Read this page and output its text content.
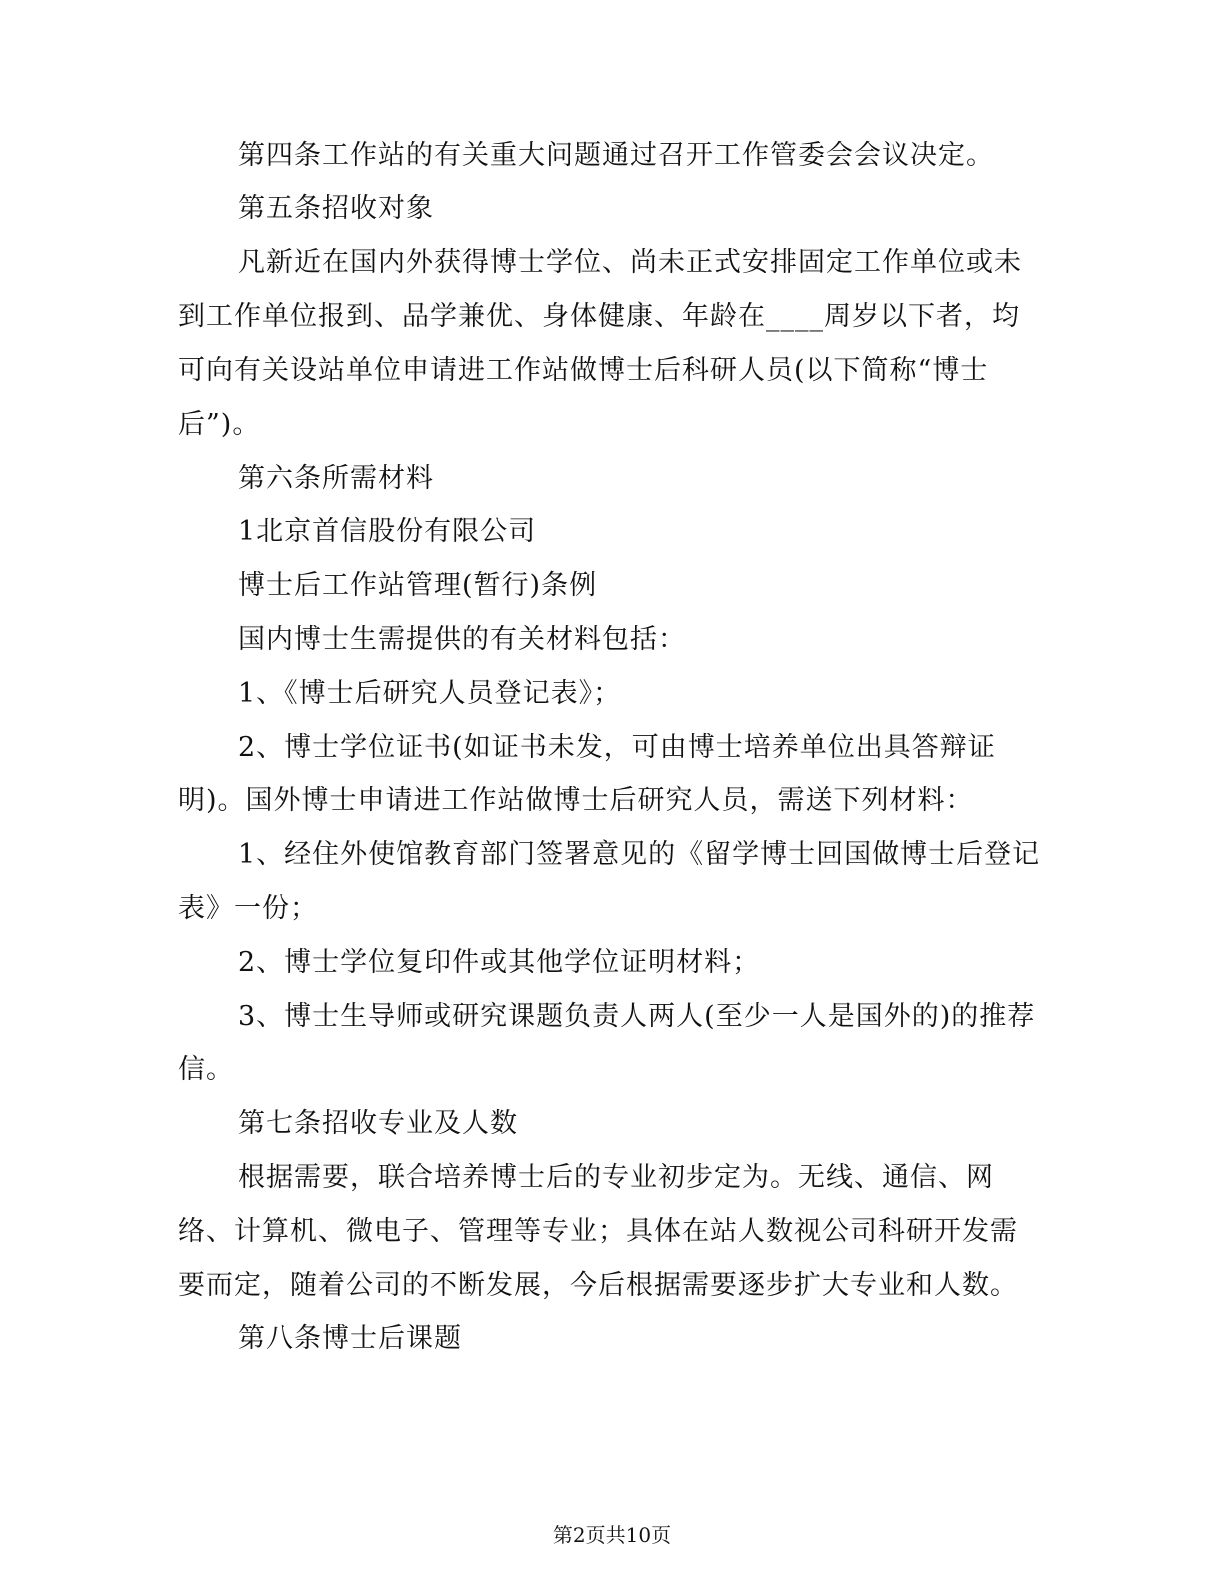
第四条工作站的有关重大问题通过召开工作管委会会议决定。
第五条招收对象
凡新近在国内外获得博士学位、尚未正式安排固定工作单位或未
到工作单位报到、品学兼优、身体健康、年龄在____周岁以下者，均
可向有关设站单位申请进工作站做博士后科研人员(以下简称“博士
后”)。
第六条所需材料
1北京首信股份有限公司
博士后工作站管理(暂行)条例
国内博士生需提供的有关材料包括：
1、《博士后研究人员登记表》；
2、博士学位证书(如证书未发，可由博士培养单位出具答辩证
明)。国外博士申请进工作站做博士后研究人员，需送下列材料：
1、经住外使馆教育部门签署意见的《留学博士回国做博士后登记
表》一份；
2、博士学位复印件或其他学位证明材料；
3、博士生导师或研究课题负责人两人(至少一人是国外的)的推荐
信。
第七条招收专业及人数
根据需要，联合培养博士后的专业初步定为。无线、通信、网
络、计算机、微电子、管理等专业；具体在站人数视公司科研开发需
要而定，随着公司的不断发展，今后根据需要逐步扩大专业和人数。
第八条博士后课题
第2页共10页
